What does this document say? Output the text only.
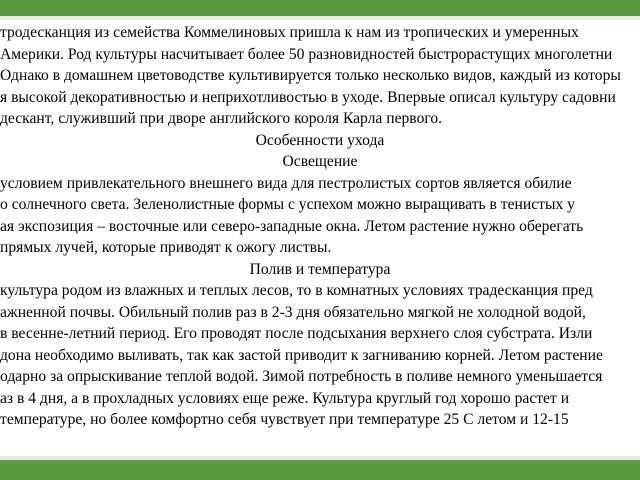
тродесканция из семейства Коммелиновых пришла к нам из тропических и умеренных
Америки. Род культуры насчитывает более 50 разновидностей быстрорастущих многолетни
Однако в домашнем цветоводстве культивируется только несколько видов, каждый из которы
я высокой декоративностью и неприхотливостью в уходе. Впервые описал культуру садовни
дескант, служивший при дворе английского короля Карла первого.
Особенности ухода
Освещение
условием привлекательного внешнего вида для пестролистых сортов является обилие
о солнечного света. Зеленолистные формы с успехом можно выращивать в тенистых у
ая экспозиция – восточные или северо-западные окна. Летом растение нужно оберегать
прямых лучей, которые приводят к ожогу листвы.
Полив и температура
культура родом из влажных и теплых лесов, то в комнатных условиях традесканция пред
ажненной почвы. Обильный полив раз в 2-3 дня обязательно мягкой не холодной водой,
в весенне-летний период. Его проводят после подсыхания верхнего слоя субстрата. Изли
дона необходимо выливать, так как застой приводит к загниванию корней. Летом растение
одарно за опрыскивание теплой водой. Зимой потребность в поливе немного уменьшается
аз в 4 дня, а в прохладных условиях еще реже. Культура круглый год хорошо растет и
температуре, но более комфортно себя чувствует при температуре 25 С летом и 12-15
